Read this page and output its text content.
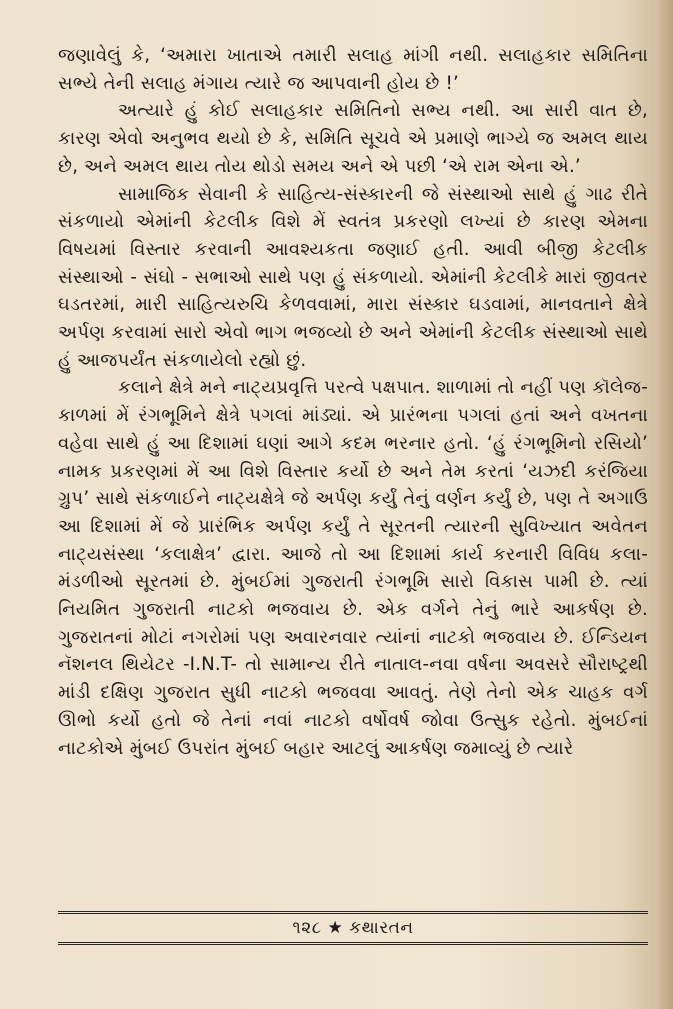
જણાવેલું કે, ‘અમારા ખાતાએ તમારી સલાહ માંગી નથી. સલાહકાર સમિતિના સભ્યે તેની સલાહ મંગાય ત્યારે જ આપવાની હોય છે !’

અત્યારે હું કોઈ સલાહકાર સમિતિનો સભ્ય નથી. આ સારી વાત છે, કારણ એવો અનુભવ થયો છે કે, સમિતિ સૂચવે એ પ્રમાણે ભાગ્યે જ અમલ થાય છે, અને અમલ થાય તોય થોડો સમય અને એ પછી ‘એ રામ એના એ.’

સામાજિક સેવાની કે સાહિત્ય-સંસ્કારની જે સંસ્થાઓ સાથે હું ગાઢ રીતે સંકળાયો એમાંની કેટલીક વિશે મેં સ્વતંત્ર પ્રકરણો લખ્યાં છે કારણ એમના વિષયમાં વિસ્તાર કરવાની આવશ્યકતા જણાઈ હતી. આવી બીજી કેટલીક સંસ્થાઓ - સંઘો - સભાઓ સાથે પણ હું સંકળાયો. એમાંની કેટલીકે મારાં જીવતર ઘડતરમાં, મારી સાહિત્યરુચિ કેળવવામાં, મારા સંસ્કાર ઘડવામાં, માનવતાને ક્ષેત્રે અર્પણ કરવામાં સારો એવો ભાગ ભજવ્યો છે અને એમાંની કેટલીક સંસ્થાઓ સાથે હું આજપર્યંત સંકળાયેલો રહ્યો છું.

કલાને ક્ષેત્રે મને નાટ્યપ્રવૃત્તિ પરત્વે પક્ષપાત. શાળામાં તો નહીં પણ કૉલેજ-કાળમાં મેં રંગભૂમિને ક્ષેત્રે પગલાં માંડ્યાં. એ પ્રારંભના પગલાં હતાં અને વખતના વહેવા સાથે હું આ દિશામાં ઘણાં આગે કદમ ભરનાર હતો. ‘હું રંગભૂમિનો રસિયો’ નામક પ્રકરણમાં મેં આ વિશે વિસ્તાર કર્યો છે અને તેમ કરતાં ‘યઝદી કરંજિયા ગ્રુપ’ સાથે સંકળાઈને નાટ્યક્ષેત્રે જે અર્પણ કર્યું તેનું વર્ણન કર્યું છે, પણ તે અગાઉ આ દિશામાં મેં જે પ્રારંભિક અર્પણ કર્યું તે સૂરતની ત્યારની સુવિખ્યાત અવેતન નાટ્યસંસ્થા ‘કલાક્ષેત્ર’ દ્વારા. આજે તો આ દિશામાં કાર્ય કરનારી વિવિધ કલા-મંડળીઓ સૂરતમાં છે. મુંબઈમાં ગુજરાતી રંગભૂમિ સારો વિકાસ પામી છે. ત્યાં નિયમિત ગુજરાતી નાટકો ભજવાય છે. એક વર્ગને તેનું ભારે આકર્ષણ છે. ગુજરાતનાં મોટાં નગરોમાં પણ અવારનવાર ત્યાંનાં નાટકો ભજવાય છે. ઈન્ડિયન નૅશનલ થિયેટર -I.N.T- તો સામાન્ય રીતે નાતાલ-નવા વર્ષના અવસરે સૌરાષ્ટ્રથી માંડી દક્ષિણ ગુજરાત સુધી નાટકો ભજવવા આવતું. તેણે તેનો એક ચાહક વર્ગ ઊભો કર્યો હતો જે તેનાં નવાં નાટકો વર્ષોવર્ષ જોવા ઉત્સુક રહેતો. મુંબઈનાં નાટકોએ મુંબઈ ઉપરાંત મુંબઈ બહાર આટલું આકર્ષણ જમાવ્યું છે ત્યારે

૧૨૮ ★ કથારતન
